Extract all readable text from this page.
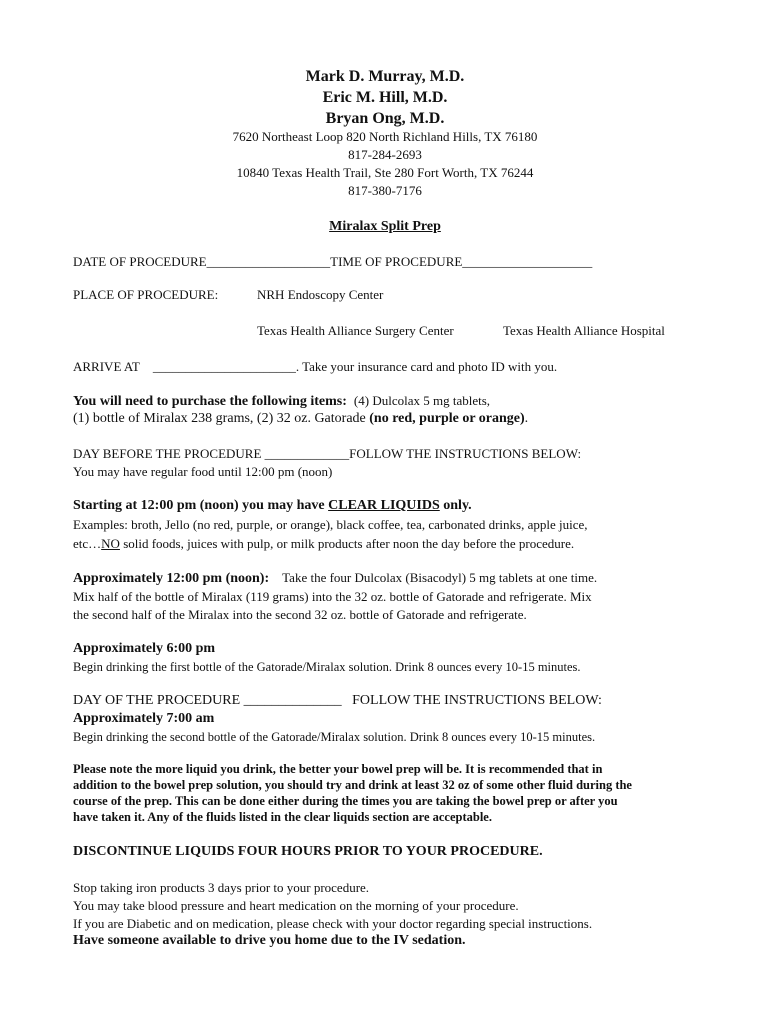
Mark D. Murray, M.D.
Eric M. Hill, M.D.
Bryan Ong, M.D.
7620 Northeast Loop 820 North Richland Hills, TX 76180
817-284-2693
10840 Texas Health Trail, Ste 280 Fort Worth, TX 76244
817-380-7176
Miralax Split Prep
DATE OF PROCEDURE___________________TIME OF PROCEDURE____________________
PLACE OF PROCEDURE:	NRH Endoscopy Center
Texas Health Alliance Surgery Center	Texas Health Alliance Hospital
ARRIVE AT ______________________. Take your insurance card and photo ID with you.
You will need to purchase the following items: (4) Dulcolax 5 mg tablets,
(1) bottle of Miralax 238 grams, (2) 32 oz. Gatorade (no red, purple or orange).
DAY BEFORE THE PROCEDURE _____________FOLLOW THE INSTRUCTIONS BELOW:
You may have regular food until 12:00 pm (noon)
Starting at 12:00 pm (noon) you may have CLEAR LIQUIDS only.
Examples: broth, Jello (no red, purple, or orange), black coffee, tea, carbonated drinks, apple juice,
etc…NO solid foods, juices with pulp, or milk products after noon the day before the procedure.
Approximately 12:00 pm (noon): Take the four Dulcolax (Bisacodyl) 5 mg tablets at one time.
Mix half of the bottle of Miralax (119 grams) into the 32 oz. bottle of Gatorade and refrigerate. Mix
the second half of the Miralax into the second 32 oz. bottle of Gatorade and refrigerate.
Approximately 6:00 pm
Begin drinking the first bottle of the Gatorade/Miralax solution. Drink 8 ounces every 10-15 minutes.
DAY OF THE PROCEDURE ______________   FOLLOW THE INSTRUCTIONS BELOW:
Approximately 7:00 am
Begin drinking the second bottle of the Gatorade/Miralax solution. Drink 8 ounces every 10-15 minutes.
Please note the more liquid you drink, the better your bowel prep will be. It is recommended that in
addition to the bowel prep solution, you should try and drink at least 32 oz of some other fluid during the
course of the prep. This can be done either during the times you are taking the bowel prep or after you
have taken it. Any of the fluids listed in the clear liquids section are acceptable.
DISCONTINUE LIQUIDS FOUR HOURS PRIOR TO YOUR PROCEDURE.
Stop taking iron products 3 days prior to your procedure.
You may take blood pressure and heart medication on the morning of your procedure.
If you are Diabetic and on medication, please check with your doctor regarding special instructions.
Have someone available to drive you home due to the IV sedation.
